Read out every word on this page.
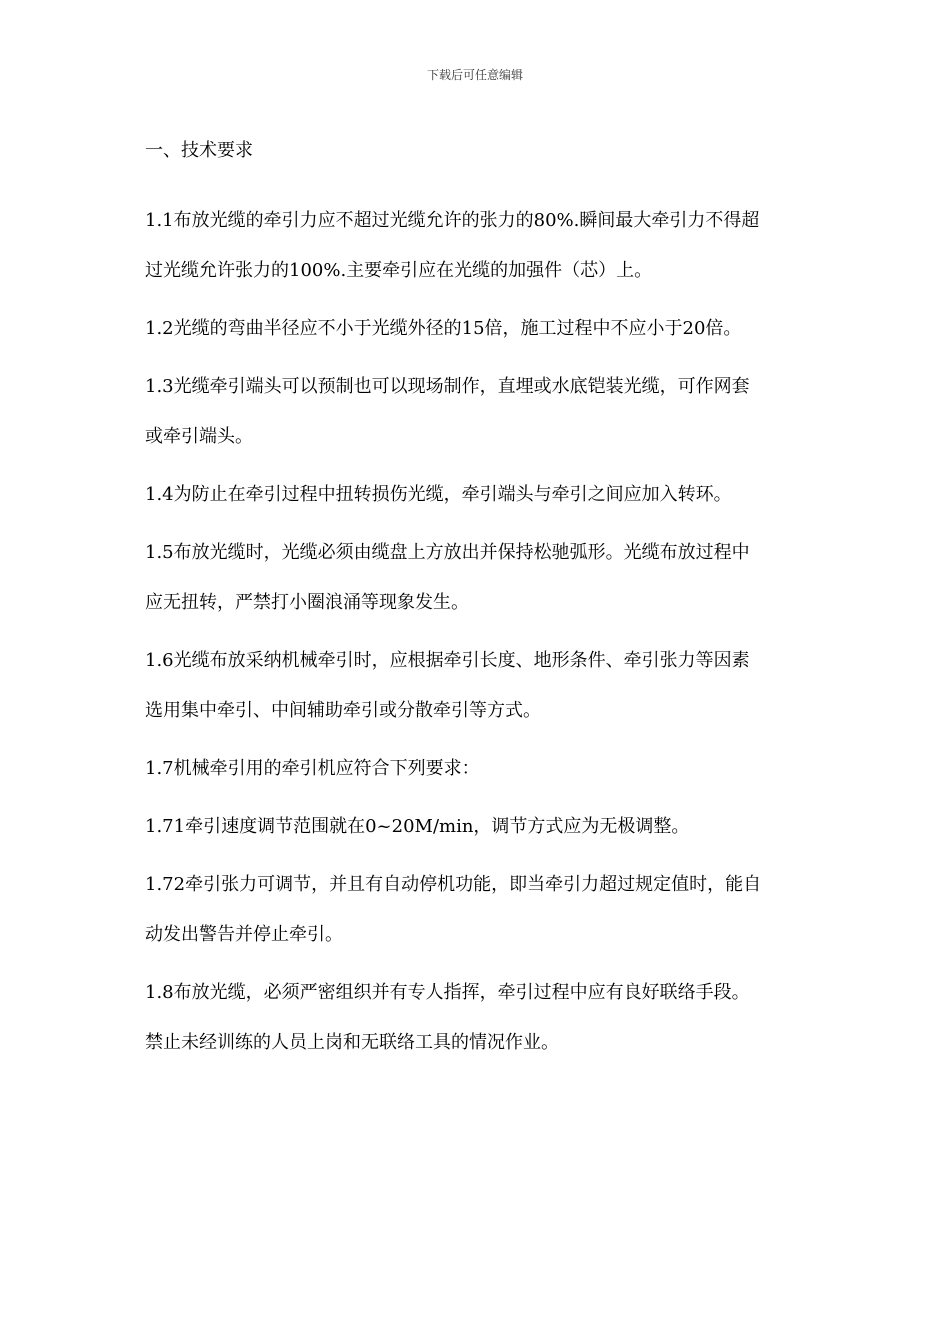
下载后可任意编辑
一、技术要求
1.1布放光缆的牵引力应不超过光缆允许的张力的80%.瞬间最大牵引力不得超
过光缆允许张力的100%.主要牵引应在光缆的加强件（芯）上。
1.2光缆的弯曲半径应不小于光缆外径的15倍，施工过程中不应小于20倍。
1.3光缆牵引端头可以预制也可以现场制作，直埋或水底铠装光缆，可作网套
或牵引端头。
1.4为防止在牵引过程中扭转损伤光缆，牵引端头与牵引之间应加入转环。
1.5布放光缆时，光缆必须由缆盘上方放出并保持松驰弧形。光缆布放过程中
应无扭转，严禁打小圈浪涌等现象发生。
1.6光缆布放采纳机械牵引时，应根据牵引长度、地形条件、牵引张力等因素
选用集中牵引、中间辅助牵引或分散牵引等方式。
1.7机械牵引用的牵引机应符合下列要求：
1.71牵引速度调节范围就在0~20M/min，调节方式应为无极调整。
1.72牵引张力可调节，并且有自动停机功能，即当牵引力超过规定值时，能自
动发出警告并停止牵引。
1.8布放光缆，必须严密组织并有专人指挥，牵引过程中应有良好联络手段。
禁止未经训练的人员上岗和无联络工具的情况作业。
